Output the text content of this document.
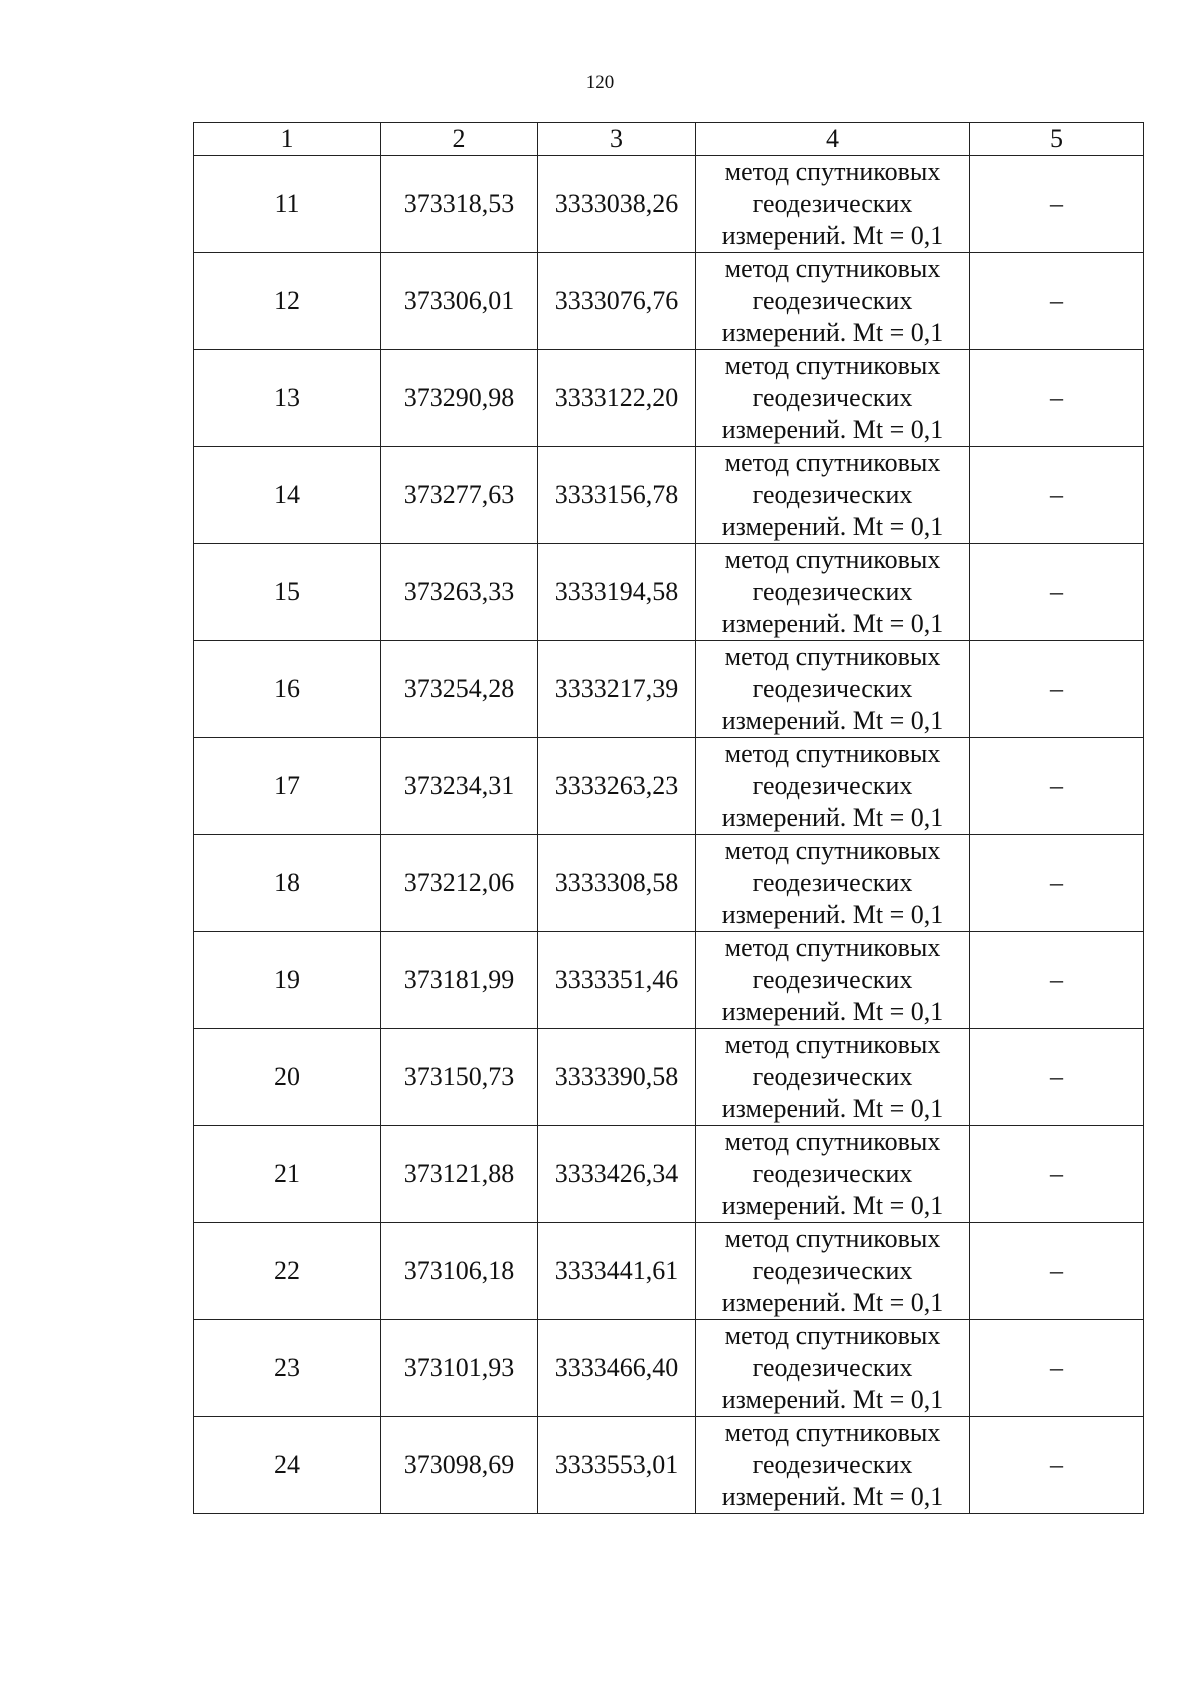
120
1	2	3	4	5
11	373318,53	3333038,26	метод спутниковых
геодезических
измерений. Mt = 0,1	–
12	373306,01	3333076,76	метод спутниковых
геодезических
измерений. Mt = 0,1	–
13	373290,98	3333122,20	метод спутниковых
геодезических
измерений. Mt = 0,1	–
14	373277,63	3333156,78	метод спутниковых
геодезических
измерений. Mt = 0,1	–
15	373263,33	3333194,58	метод спутниковых
геодезических
измерений. Mt = 0,1	–
16	373254,28	3333217,39	метод спутниковых
геодезических
измерений. Mt = 0,1	–
17	373234,31	3333263,23	метод спутниковых
геодезических
измерений. Mt = 0,1	–
18	373212,06	3333308,58	метод спутниковых
геодезических
измерений. Mt = 0,1	–
19	373181,99	3333351,46	метод спутниковых
геодезических
измерений. Mt = 0,1	–
20	373150,73	3333390,58	метод спутниковых
геодезических
измерений. Mt = 0,1	–
21	373121,88	3333426,34	метод спутниковых
геодезических
измерений. Mt = 0,1	–
22	373106,18	3333441,61	метод спутниковых
геодезических
измерений. Mt = 0,1	–
23	373101,93	3333466,40	метод спутниковых
геодезических
измерений. Mt = 0,1	–
24	373098,69	3333553,01	метод спутниковых
геодезических
измерений. Mt = 0,1	–
